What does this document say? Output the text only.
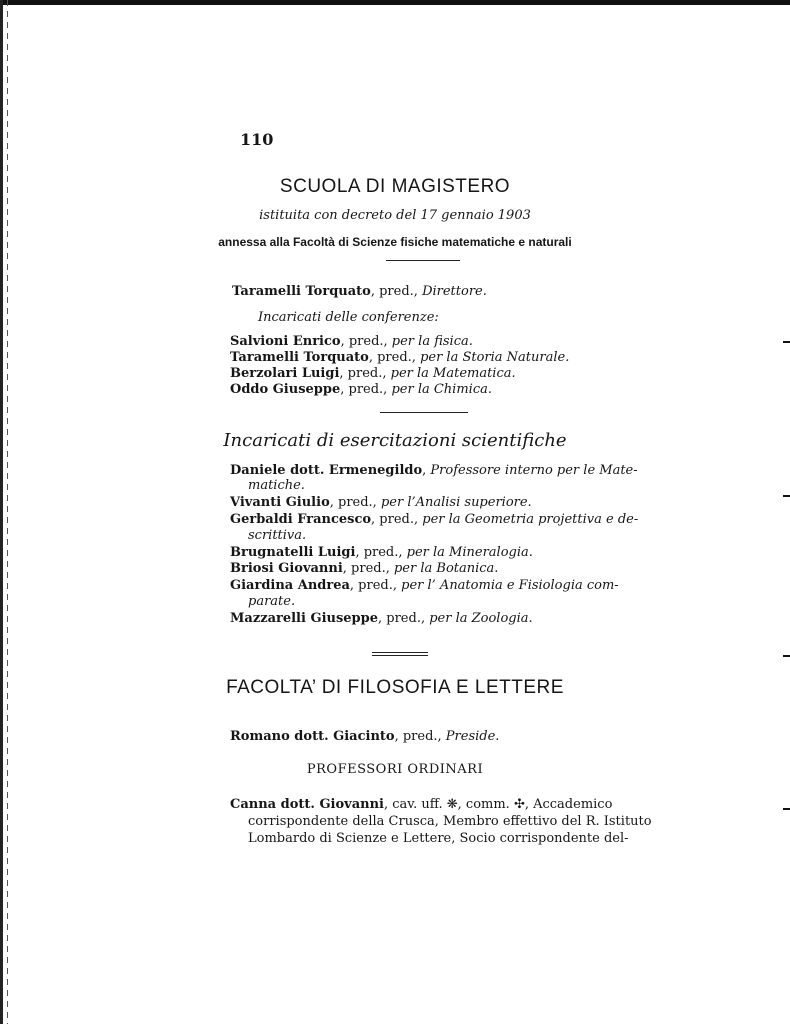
110
SCUOLA DI MAGISTERO
istituita con decreto del 17 gennaio 1903
annessa alla Facoltà di Scienze fisiche matematiche e naturali
Taramelli Torquato, pred., Direttore.
Incaricati delle conferenze:
Salvioni Enrico, pred., per la fisica.
Taramelli Torquato, pred., per la Storia Naturale.
Berzolari Luigi, pred., per la Matematica.
Oddo Giuseppe, pred., per la Chimica.
Incaricati di esercitazioni scientifiche
Daniele dott. Ermenegildo, Professore interno per le Mate-
matiche.
Vivanti Giulio, pred., per l’Analisi superiore.
Gerbaldi Francesco, pred., per la Geometria projettiva e de-
scrittiva.
Brugnatelli Luigi, pred., per la Mineralogia.
Briosi Giovanni, pred., per la Botanica.
Giardina Andrea, pred., per l’ Anatomia e Fisiologia com-
parate.
Mazzarelli Giuseppe, pred., per la Zoologia.
FACOLTA’ DI FILOSOFIA E LETTERE
Romano dott. Giacinto, pred., Preside.
PROFESSORI ORDINARI
Canna dott. Giovanni, cav. uff. ❋, comm. ✣, Accademico
corrispondente della Crusca, Membro effettivo del R. Istituto
Lombardo di Scienze e Lettere, Socio corrispondente del-
